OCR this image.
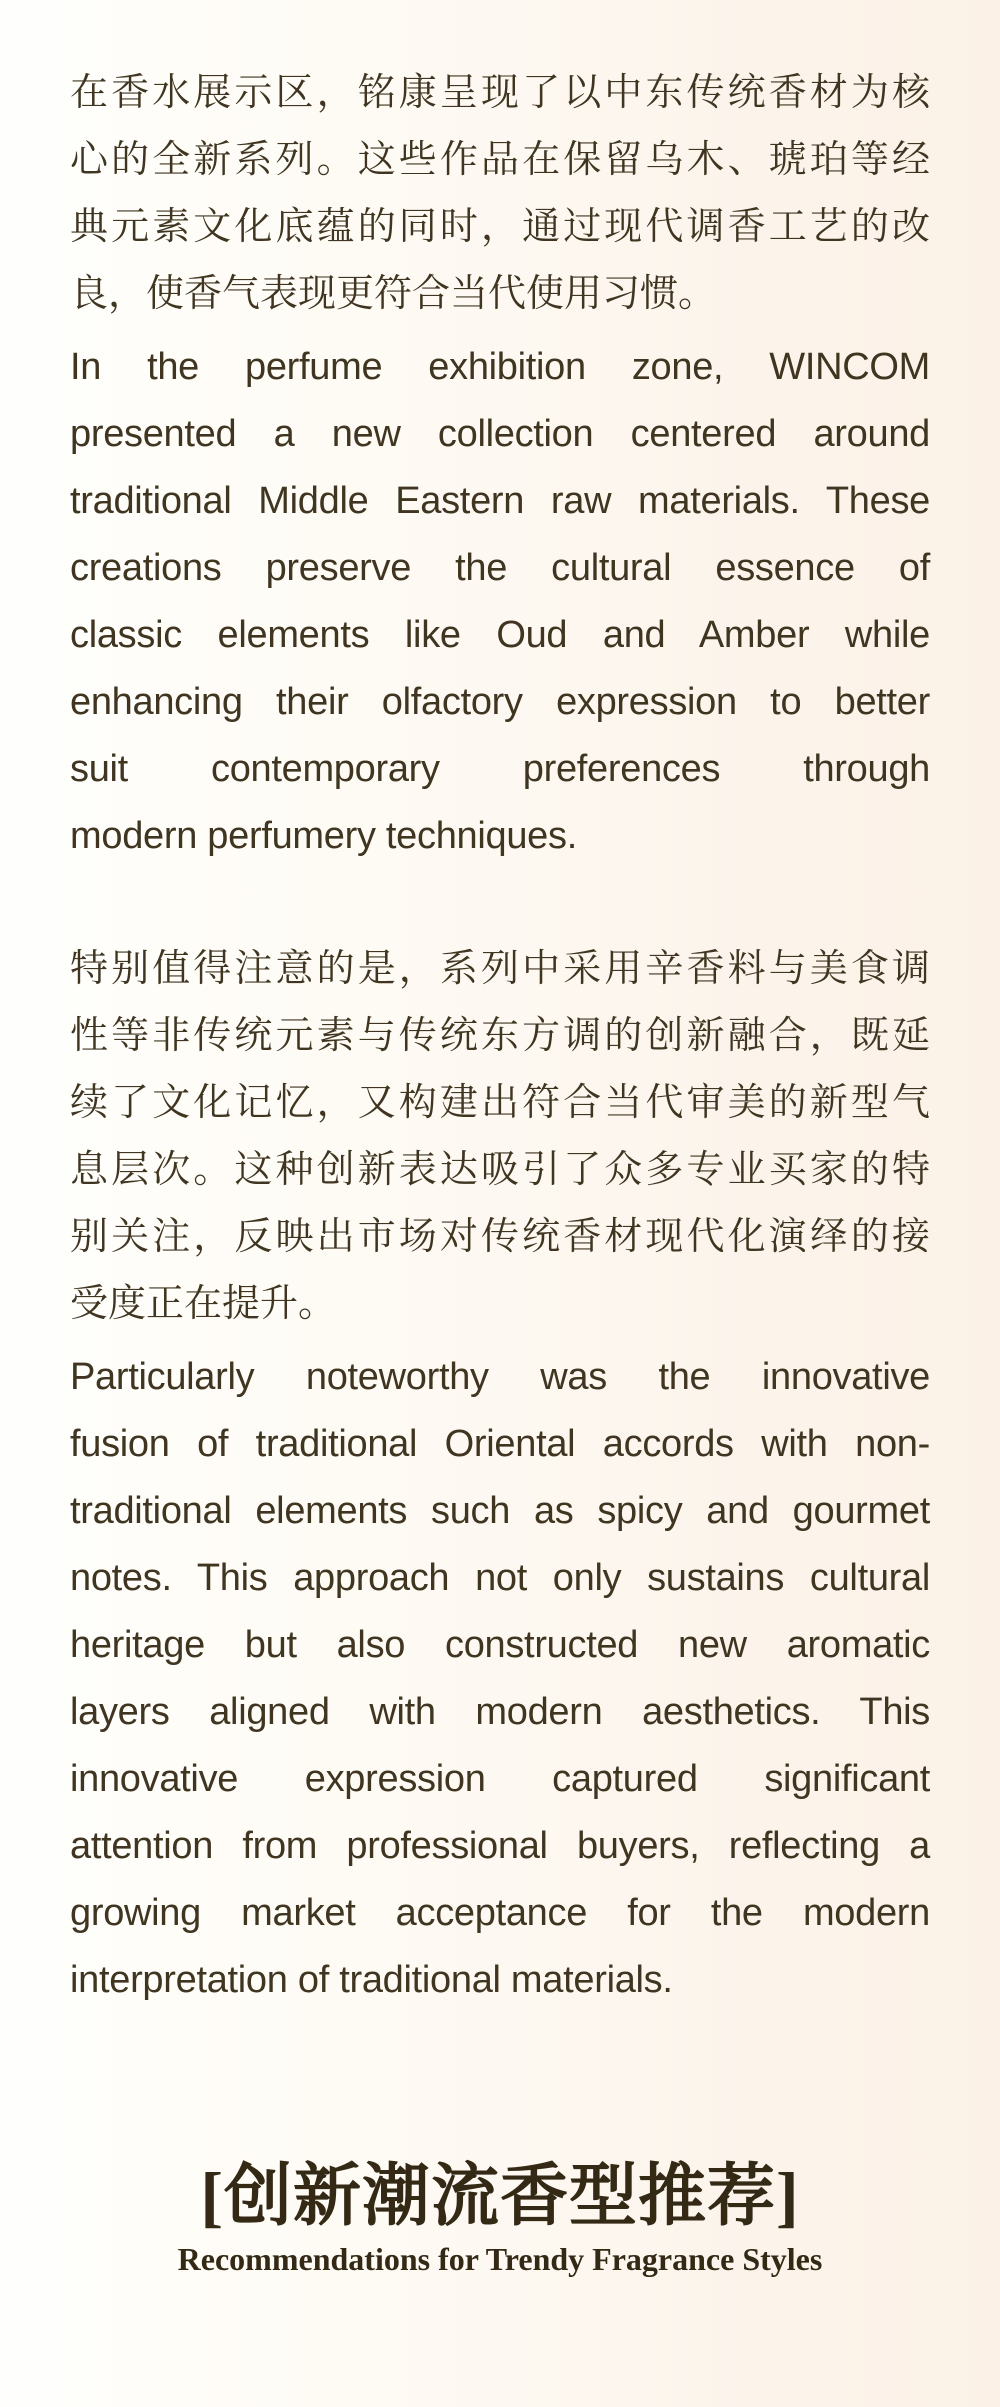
在香水展示区，铭康呈现了以中东传统香材为核
心的全新系列。这些作品在保留乌木、琥珀等经
典元素文化底蕴的同时，通过现代调香工艺的改
良，使香气表现更符合当代使用习惯。
In the perfume exhibition zone, WINCOM
presented a new collection centered around
traditional Middle Eastern raw materials. These
creations preserve the cultural essence of
classic elements like Oud and Amber while
enhancing their olfactory expression to better
suit contemporary preferences through
modern perfumery techniques.
特别值得注意的是，系列中采用辛香料与美食调
性等非传统元素与传统东方调的创新融合，既延
续了文化记忆，又构建出符合当代审美的新型气
息层次。这种创新表达吸引了众多专业买家的特
别关注，反映出市场对传统香材现代化演绎的接
受度正在提升。
Particularly noteworthy was the innovative
fusion of traditional Oriental accords with non-
traditional elements such as spicy and gourmet
notes. This approach not only sustains cultural
heritage but also constructed new aromatic
layers aligned with modern aesthetics. This
innovative expression captured significant
attention from professional buyers, reflecting a
growing market acceptance for the modern
interpretation of traditional materials.
[创新潮流香型推荐]
Recommendations for Trendy Fragrance Styles
